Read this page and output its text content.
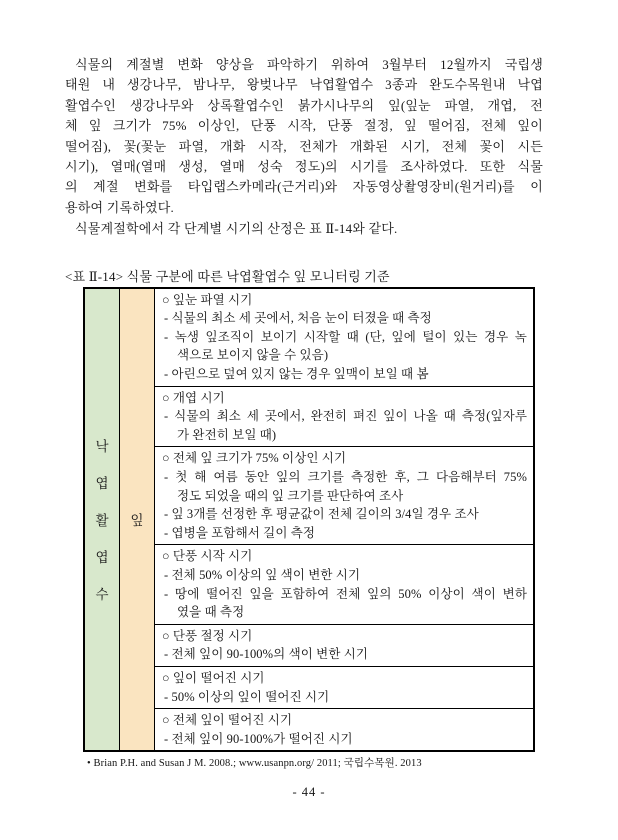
식물의 계절별 변화 양상을 파악하기 위하여 3월부터 12월까지 국립생
태원 내 생강나무, 밤나무, 왕벚나무 낙엽활엽수 3종과 완도수목원내 낙엽
활엽수인 생강나무와 상록활엽수인 붉가시나무의 잎(잎눈 파열, 개엽, 전
체 잎 크기가 75% 이상인, 단풍 시작, 단풍 절정, 잎 떨어짐, 전체 잎이
떨어짐), 꽃(꽃눈 파열, 개화 시작, 전체가 개화된 시기, 전체 꽃이 시든
시기), 열매(열매 생성, 열매 성숙 정도)의 시기를 조사하였다. 또한 식물
의 계절 변화를 타입랩스카메라(근거리)와 자동영상촬영장비(원거리)를 이
용하여 기록하였다.
식물계절학에서 각 단계별 시기의 산정은 표 Ⅱ-14와 같다.
<표 Ⅱ-14> 식물 구분에 따른 낙엽활엽수 잎 모니터링 기준
낙
엽
활
엽
수
잎
○ 잎눈 파열 시기
- 식물의 최소 세 곳에서, 처음 눈이 터졌을 때 측정
- 녹생 잎조직이 보이기 시작할 때 (단, 잎에 털이 있는 경우 녹
색으로 보이지 않을 수 있음)
- 아린으로 덮여 있지 않는 경우 잎맥이 보일 때 봄
○ 개엽 시기
- 식물의 최소 세 곳에서, 완전히 펴진 잎이 나올 때 측정(잎자루
가 완전히 보일 때)
○ 전체 잎 크기가 75% 이상인 시기
- 첫 해 여름 동안 잎의 크기를 측정한 후, 그 다음해부터 75%
정도 되었을 때의 잎 크기를 판단하여 조사
- 잎 3개를 선정한 후 평균값이 전체 길이의 3/4일 경우 조사
- 엽병을 포함해서 길이 측정
○ 단풍 시작 시기
- 전체 50% 이상의 잎 색이 변한 시기
- 땅에 떨어진 잎을 포함하여 전체 잎의 50% 이상이 색이 변하
였을 때 측정
○ 단풍 절정 시기
- 전체 잎이 90-100%의 색이 변한 시기
○ 잎이 떨어진 시기
- 50% 이상의 잎이 떨어진 시기
○ 전체 잎이 떨어진 시기
- 전체 잎이 90-100%가 떨어진 시기
• Brian P.H. and Susan J M. 2008.; www.usanpn.org/ 2011; 국립수목원. 2013
- 44 -
